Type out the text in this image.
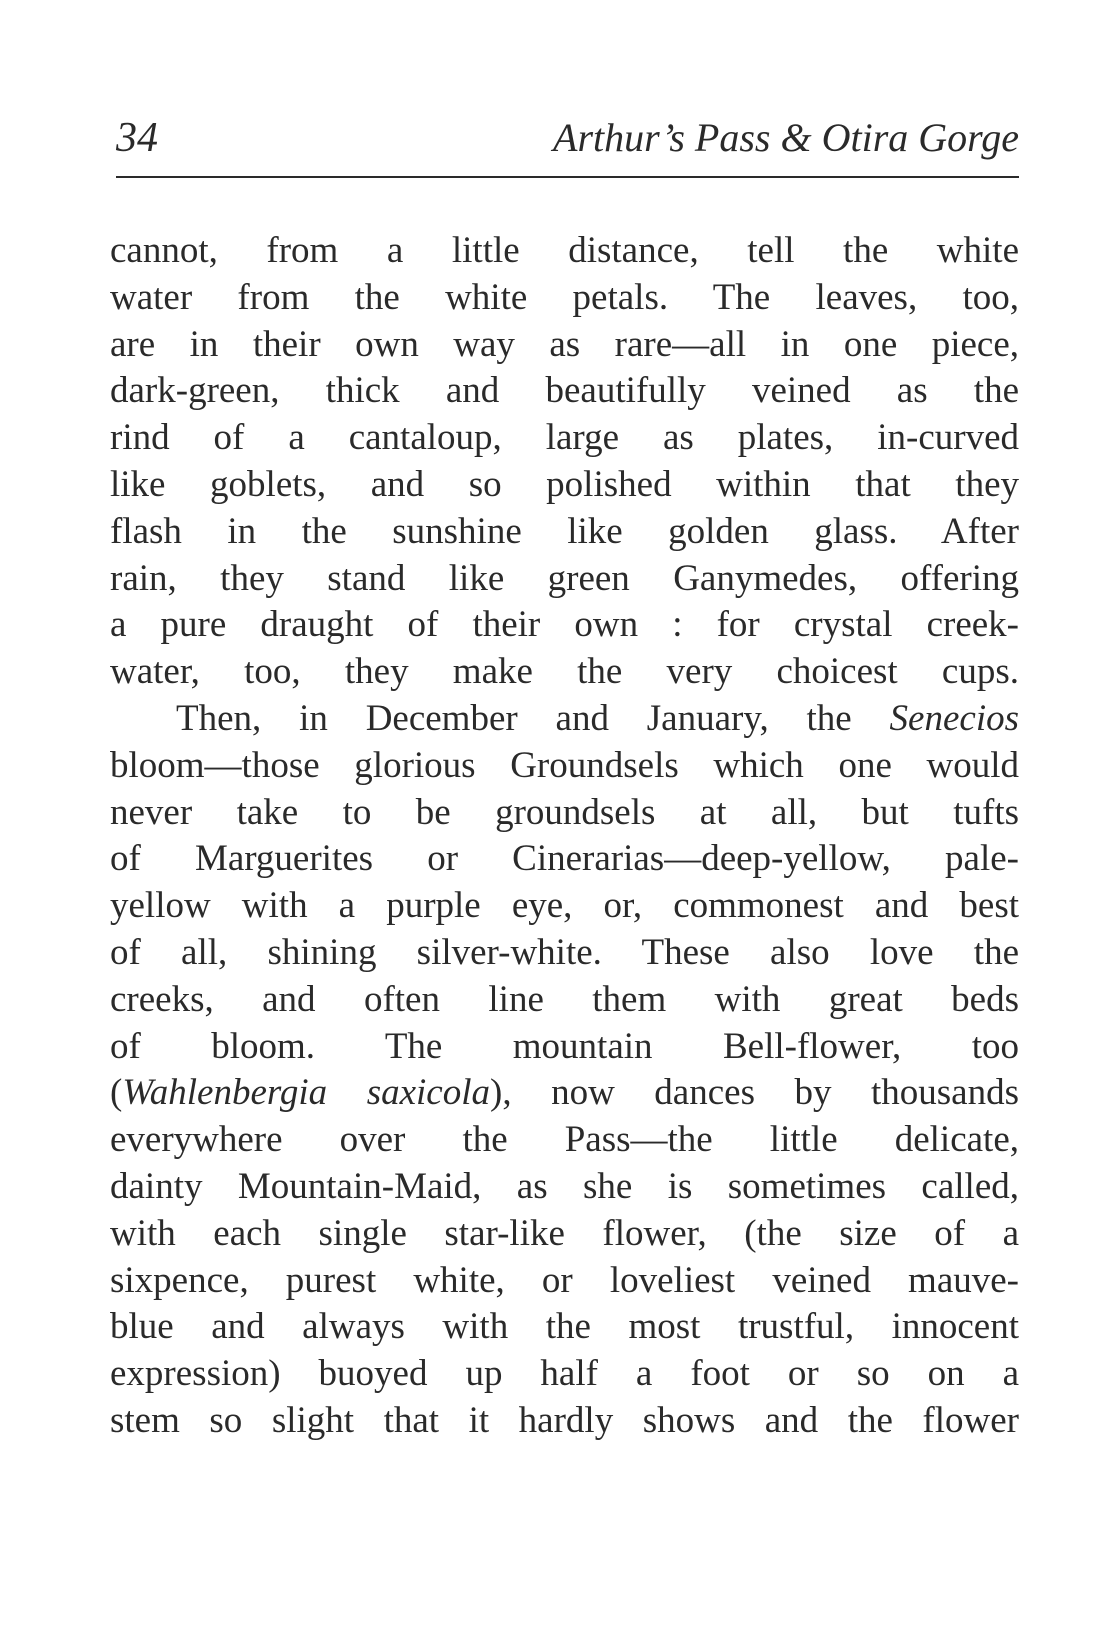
34	Arthur’s Pass & Otira Gorge
cannot, from a little distance, tell the white
water from the white petals. The leaves, too,
are in their own way as rare—all in one piece,
dark-green, thick and beautifully veined as the
rind of a cantaloup, large as plates, in-curved
like goblets, and so polished within that they
flash in the sunshine like golden glass. After
rain, they stand like green Ganymedes, offering
a pure draught of their own : for crystal creek-
water, too, they make the very choicest cups.
Then, in December and January, the Senecios
bloom—those glorious Groundsels which one would
never take to be groundsels at all, but tufts
of Marguerites or Cinerarias—deep-yellow, pale-
yellow with a purple eye, or, commonest and best
of all, shining silver-white. These also love the
creeks, and often line them with great beds
of bloom. The mountain Bell-flower, too
(Wahlenbergia saxicola), now dances by thousands
everywhere over the Pass—the little delicate,
dainty Mountain-Maid, as she is sometimes called,
with each single star-like flower, (the size of a
sixpence, purest white, or loveliest veined mauve-
blue and always with the most trustful, innocent
expression) buoyed up half a foot or so on a
stem so slight that it hardly shows and the flower
